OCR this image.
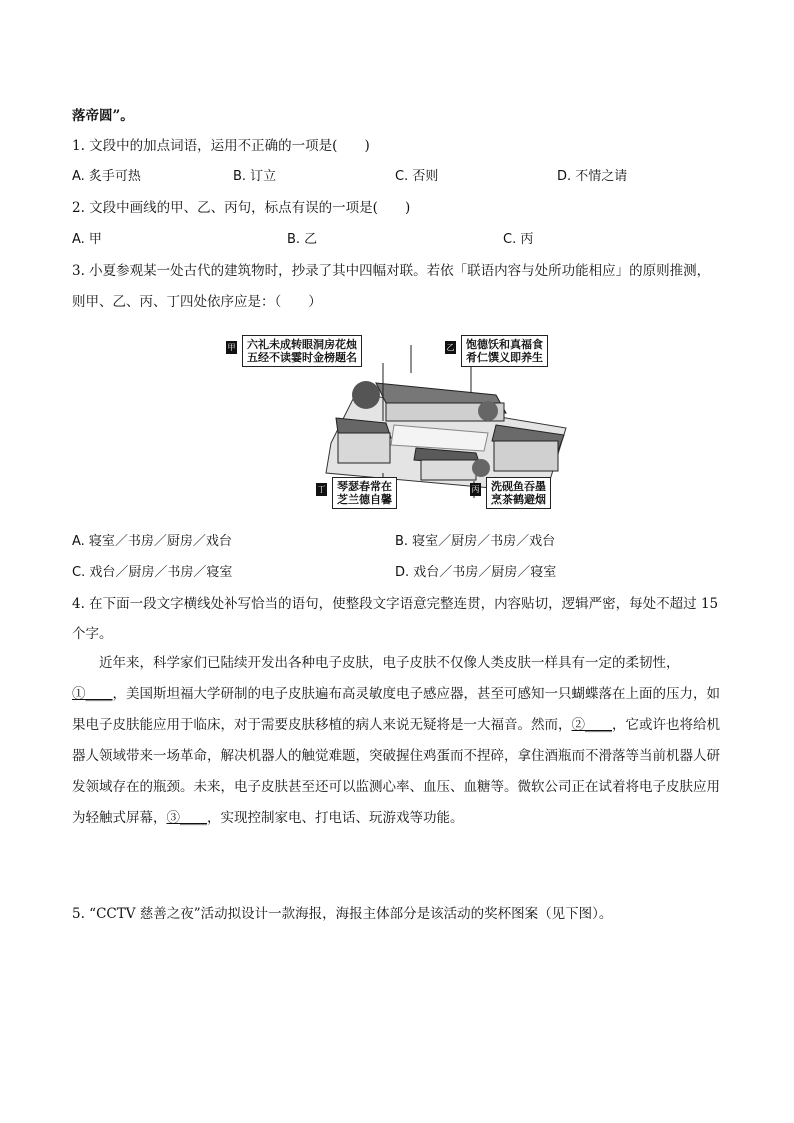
落帝圆”。
1. 文段中的加点词语，运用不正确的一项是(　　)
A. 炙手可热	B. 订立	C. 否则	D. 不情之请
2. 文段中画线的甲、乙、丙句，标点有误的一项是(　　)
A. 甲	B. 乙	C. 丙
3. 小夏参观某一处古代的建筑物时，抄录了其中四幅对联。若依「联语内容与处所功能相应」的原则推测，
则甲、乙、丙、丁四处依序应是：（　　）
甲 六礼未成转眼洞房花烛
五经不读霎时金榜题名
乙 饱德饫和真福食
肴仁馔义即养生
丁 琴瑟春常在
芝兰德自馨
丙 洗砚鱼吞墨
烹茶鹤避烟
A. 寝室／书房／厨房／戏台	B. 寝室／厨房／书房／戏台
C. 戏台／厨房／书房／寝室	D. 戏台／书房／厨房／寝室
4. 在下面一段文字横线处补写恰当的语句，使整段文字语意完整连贯，内容贴切，逻辑严密，每处不超过 15
个字。
近年来，科学家们已陆续开发出各种电子皮肤，电子皮肤不仅像人类皮肤一样具有一定的柔韧性，①____，美国斯坦福大学研制的电子皮肤遍布高灵敏度电子感应器，甚至可感知一只蝴蝶落在上面的压力，如果电子皮肤能应用于临床，对于需要皮肤移植的病人来说无疑将是一大福音。然而，②____，它或许也将给机器人领域带来一场革命，解决机器人的触觉难题，突破握住鸡蛋而不捏碎，拿住酒瓶而不滑落等当前机器人研发领域存在的瓶颈。未来，电子皮肤甚至还可以监测心率、血压、血糖等。微软公司正在试着将电子皮肤应用为轻触式屏幕，③____，实现控制家电、打电话、玩游戏等功能。
5. “CCTV 慈善之夜”活动拟设计一款海报，海报主体部分是该活动的奖杯图案（见下图）。
